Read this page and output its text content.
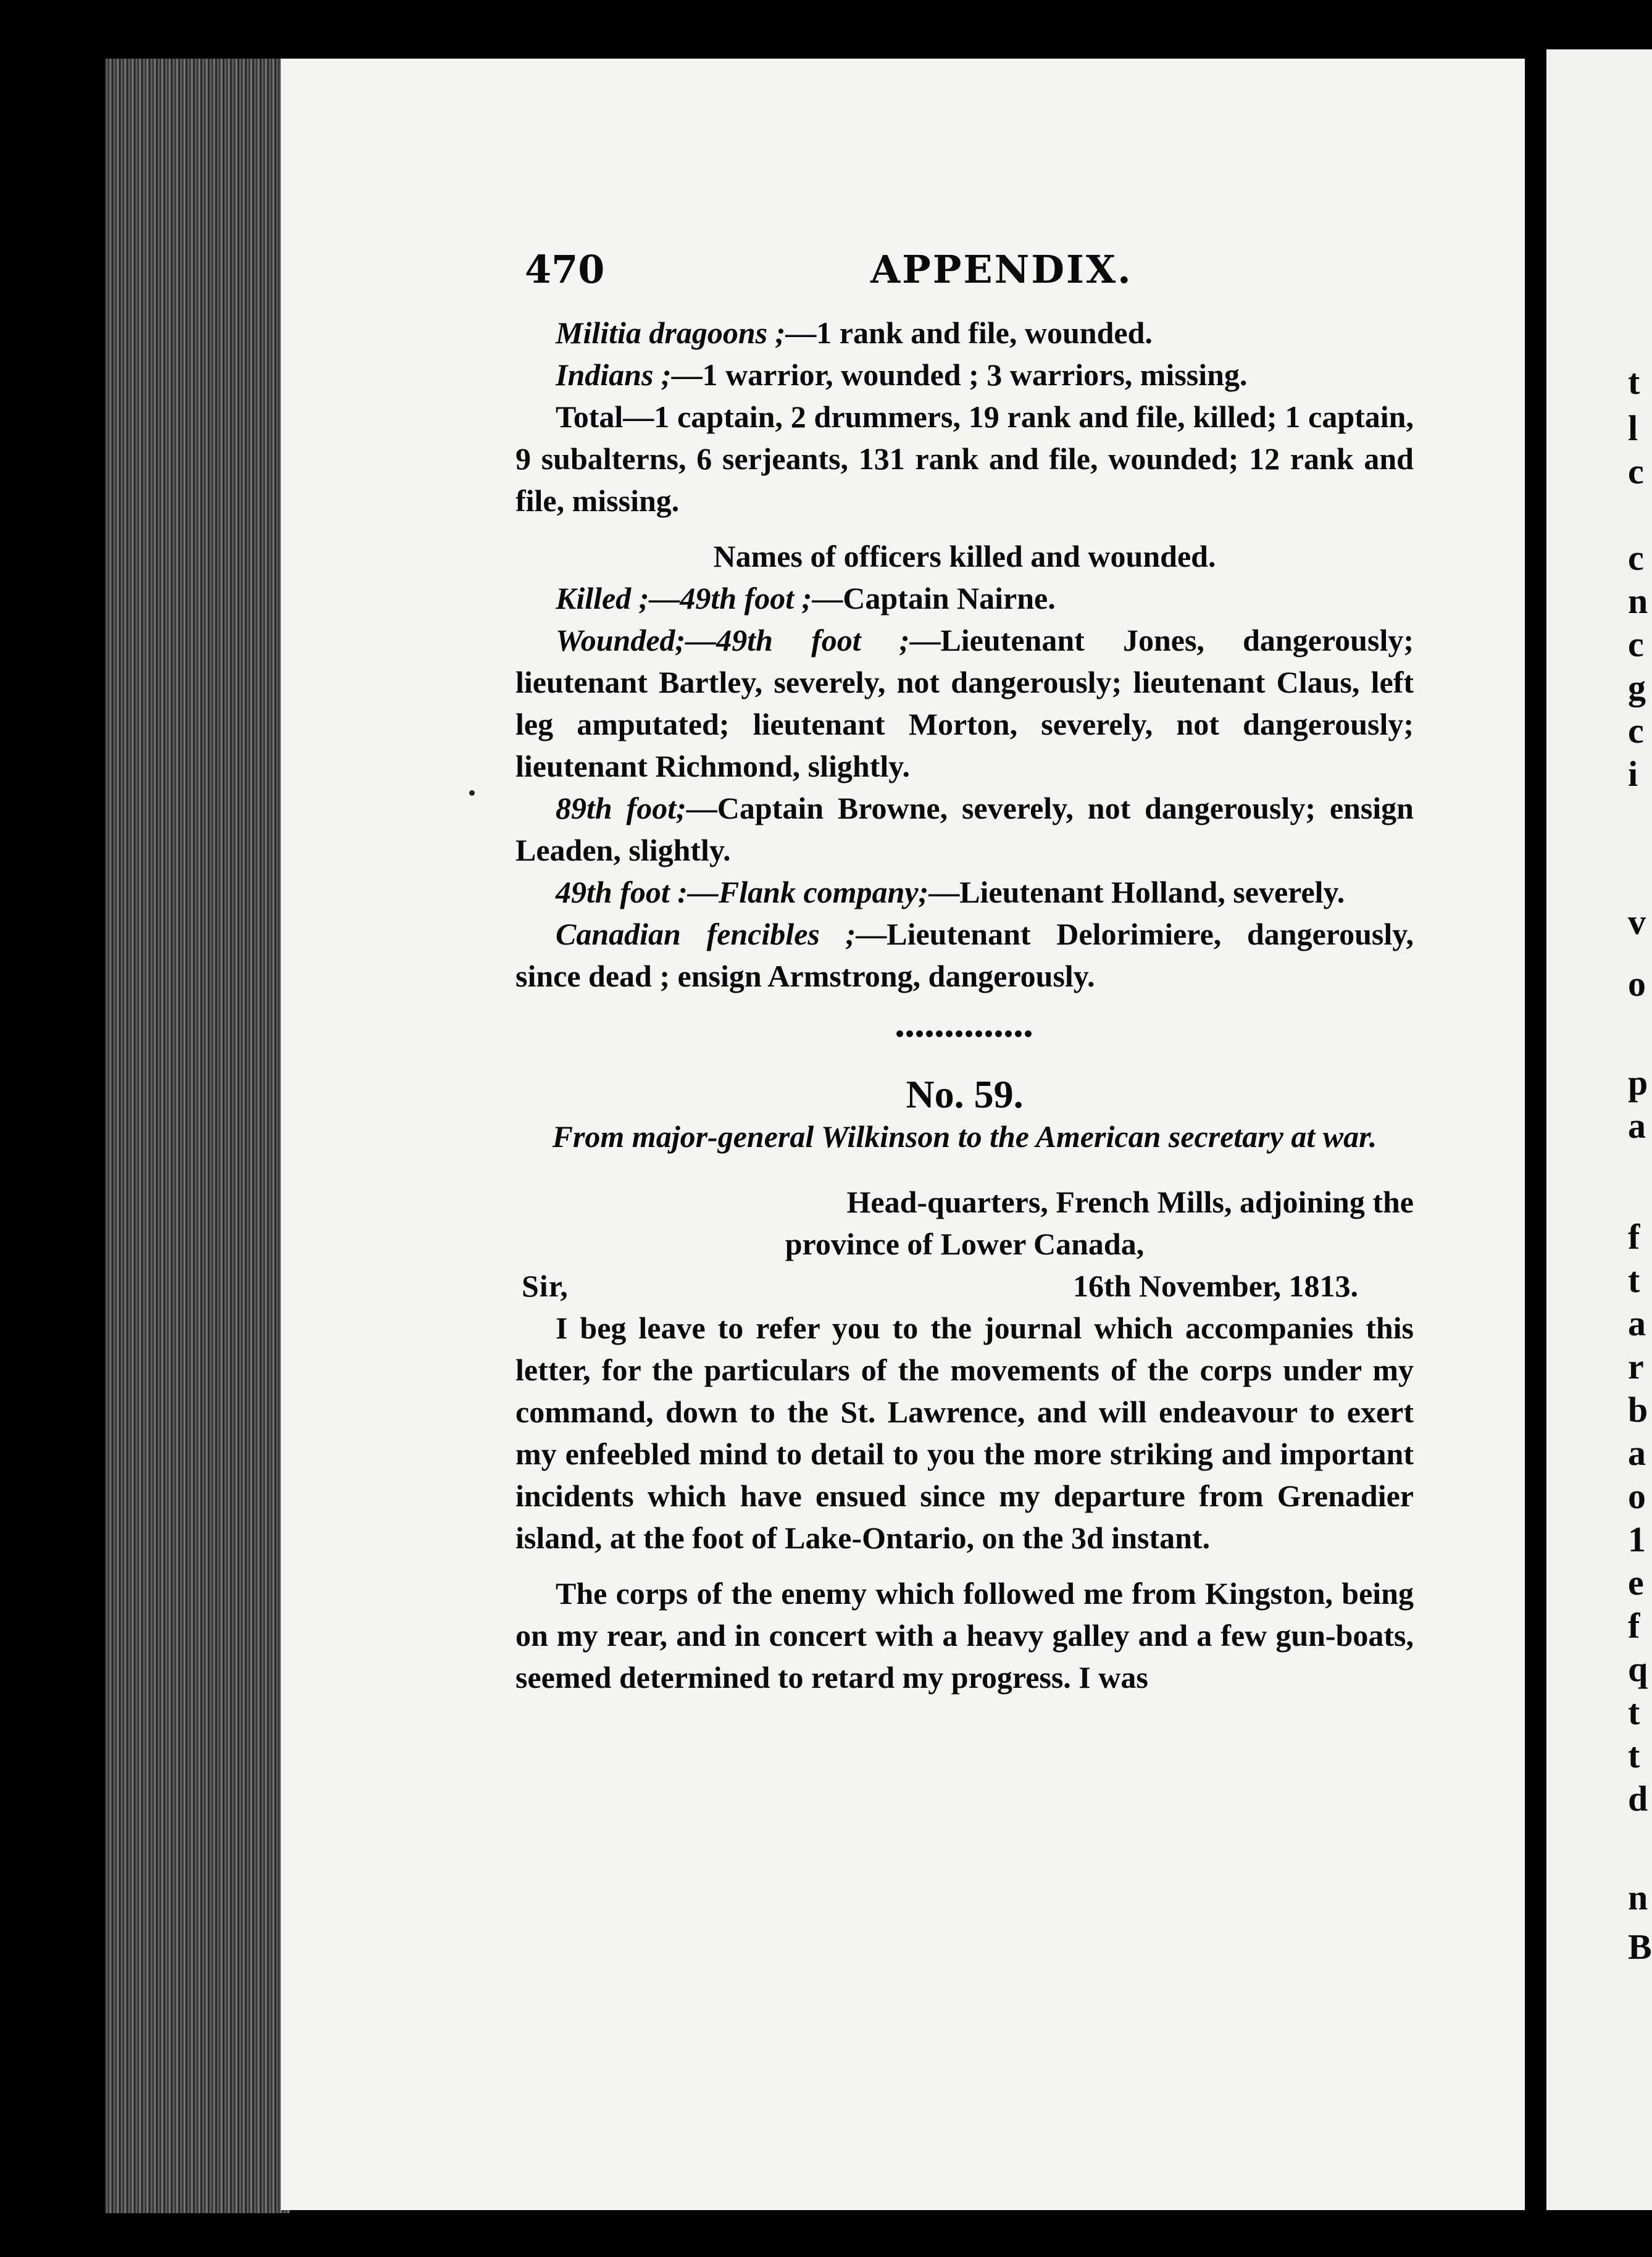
t
l
c
c
n
c
g
c
i
v
o
p
a
f
t
a
r
b
a
o
1
e
f
q
t
t
d
n
B
470	APPENDIX.

Militia dragoons ;—1 rank and file, wounded.

Indians ;—1 warrior, wounded ; 3 warriors, missing.

Total—1 captain, 2 drummers, 19 rank and file, killed; 1 captain, 9 subalterns, 6 serjeants, 131 rank and file, wounded; 12 rank and file, missing.

Names of officers killed and wounded.

Killed ;—49th foot ;—Captain Nairne.

Wounded;—49th foot ;—Lieutenant Jones, dangerously; lieutenant Bartley, severely, not dangerously; lieutenant Claus, left leg amputated; lieutenant Morton, severely, not dangerously; lieutenant Richmond, slightly.

89th foot;—Captain Browne, severely, not dangerously; ensign Leaden, slightly.

49th foot :—Flank company;—Lieutenant Holland, severely.

Canadian fencibles ;—Lieutenant Delorimiere, dangerously, since dead ; ensign Armstrong, dangerously.

••••••••••••••

No. 59.

From major-general Wilkinson to the American secretary at war.

Head-quarters, French Mills, adjoining the

province of Lower Canada,

Sir,	16th November, 1813.

I beg leave to refer you to the journal which accompanies this letter, for the particulars of the movements of the corps under my command, down to the St. Lawrence, and will endeavour to exert my enfeebled mind to detail to you the more striking and important incidents which have ensued since my departure from Grenadier island, at the foot of Lake-Ontario, on the 3d instant.

The corps of the enemy which followed me from Kingston, being on my rear, and in concert with a heavy galley and a few gun-boats, seemed determined to retard my progress. I was
